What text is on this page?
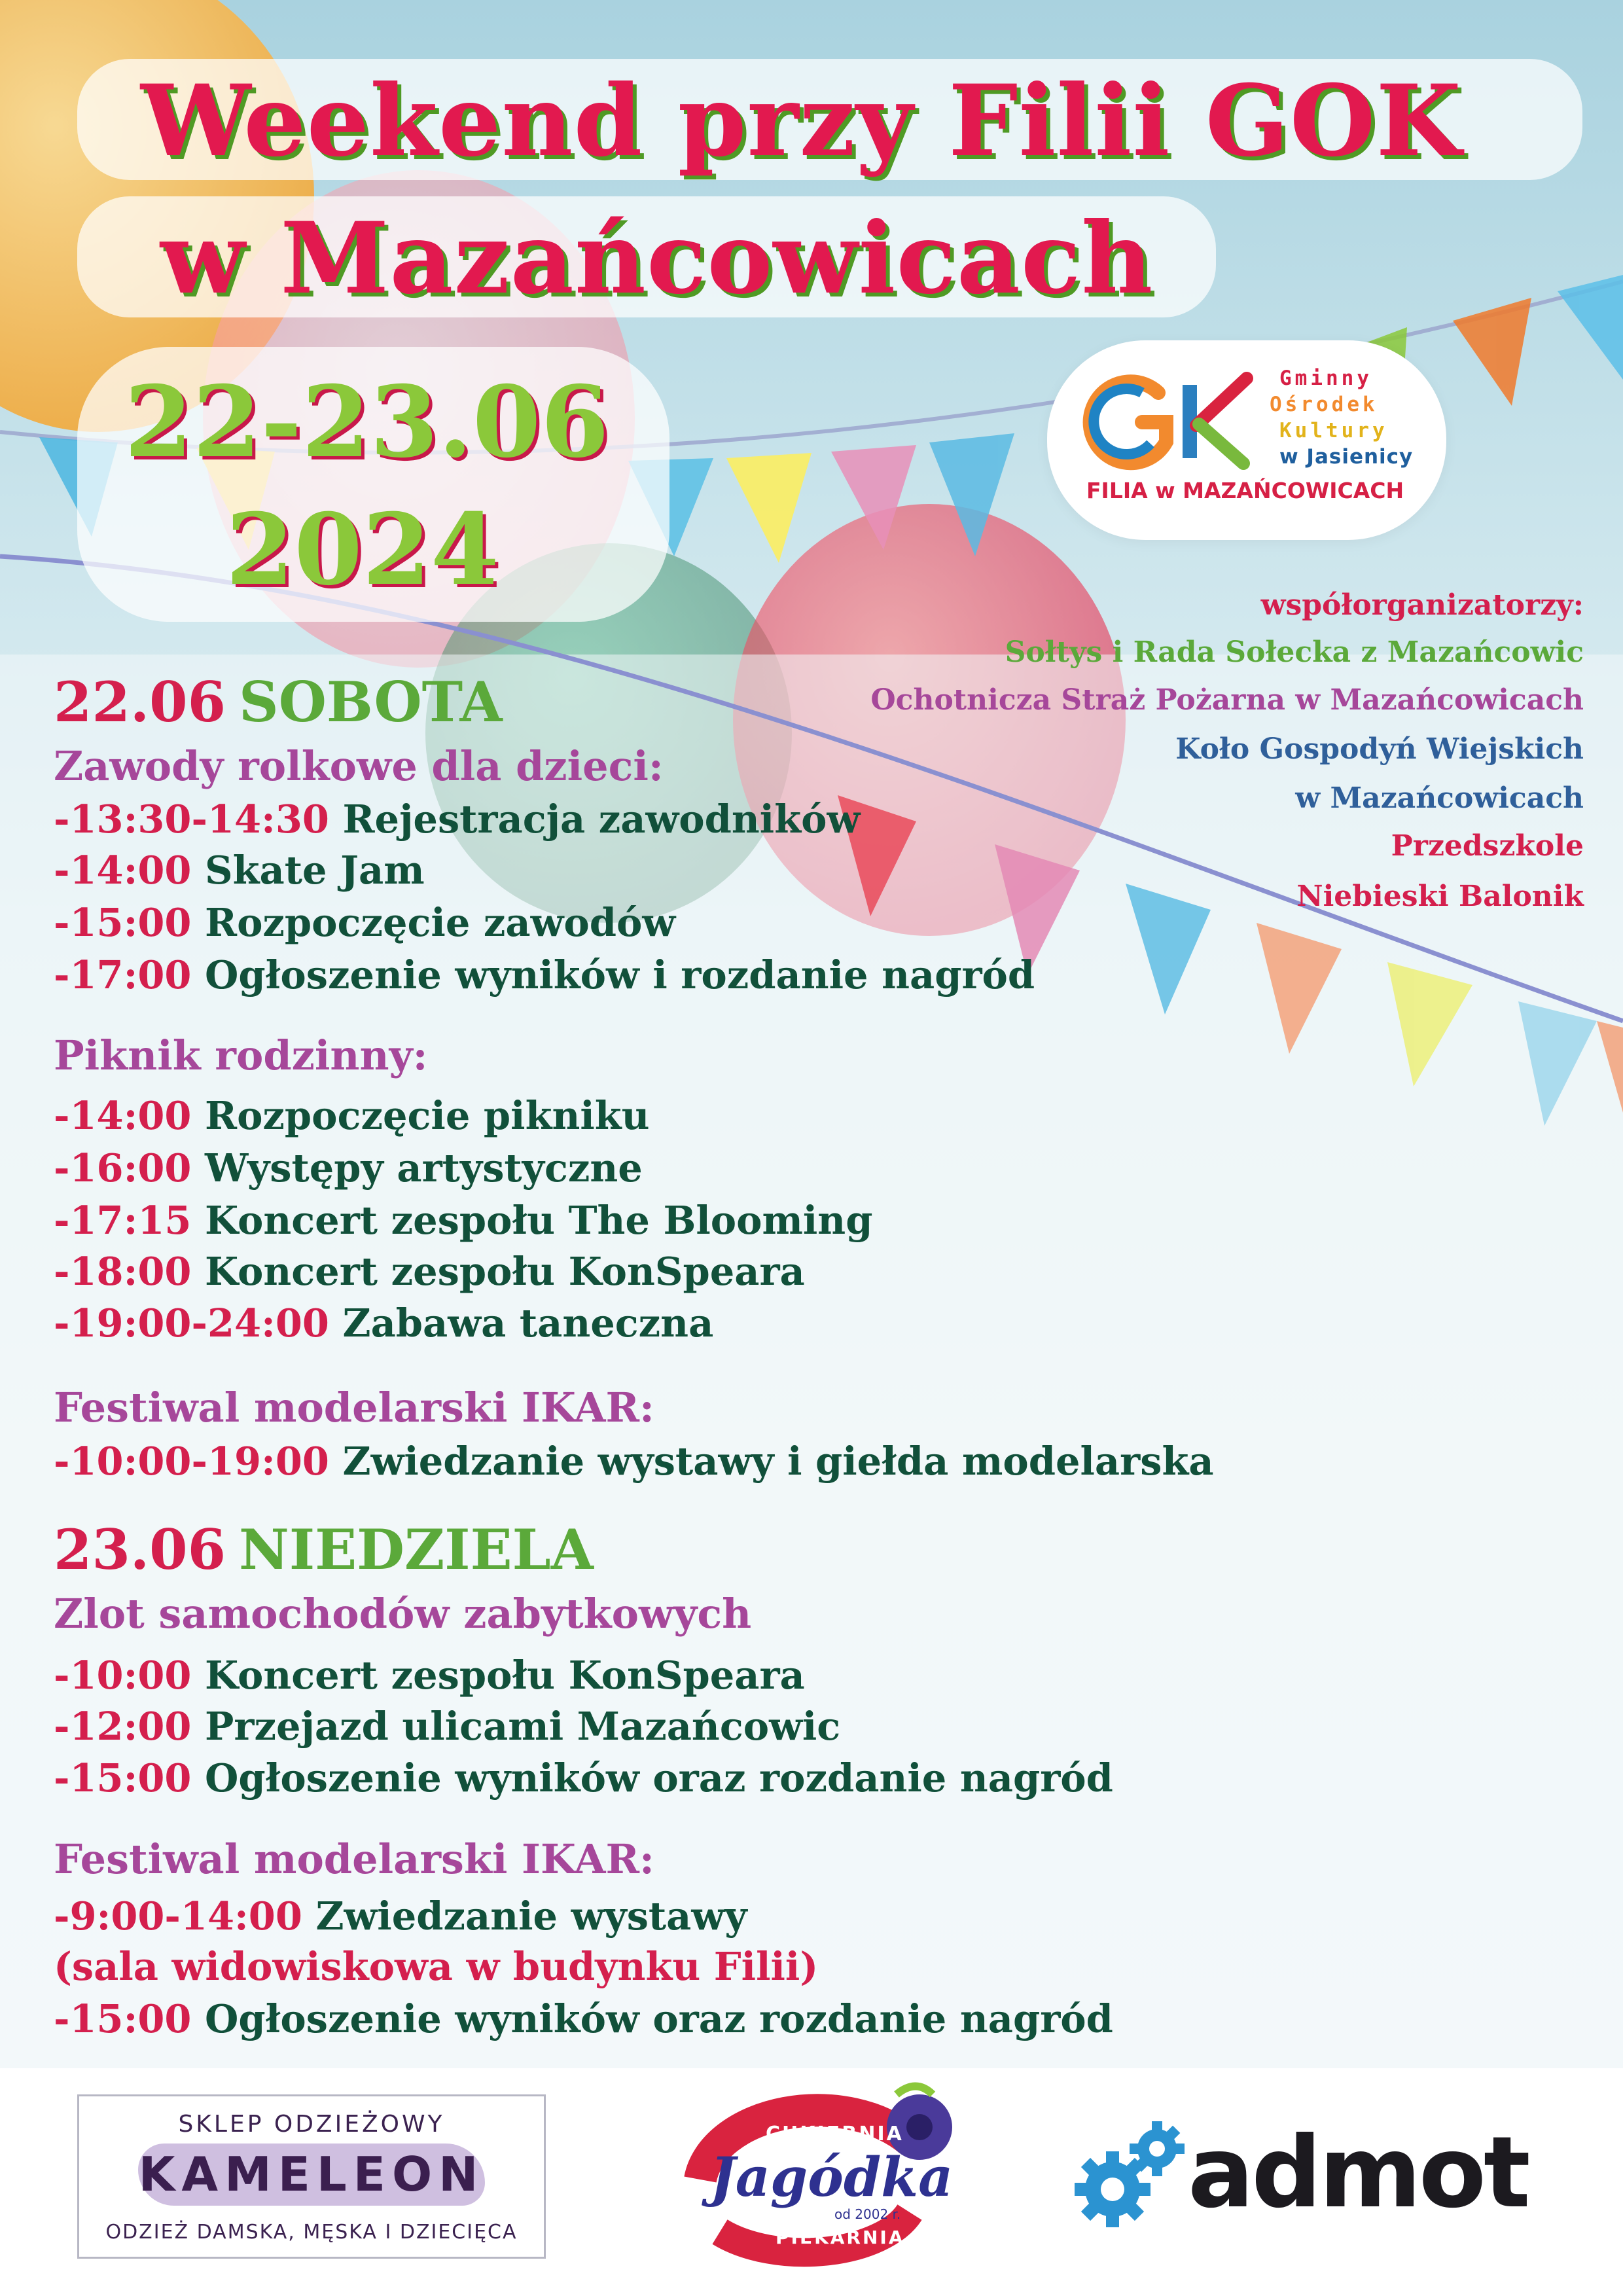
Weekend przy Filii GOK
w Mazańcowicach
22-23.06
2024
Gminny
Ośrodek
Kultury
w Jasienicy
FILIA w MAZAŃCOWICACH
współorganizatorzy:
Sołtys i Rada Sołecka z Mazańcowic
Ochotnicza Straż Pożarna w Mazańcowicach
Koło Gospodyń Wiejskich
w Mazańcowicach
Przedszkole
Niebieski Balonik
22.06 SOBOTA
Zawody rolkowe dla dzieci:
-13:30-14:30 Rejestracja zawodników
-14:00 Skate Jam
-15:00 Rozpoczęcie zawodów
-17:00 Ogłoszenie wyników i rozdanie nagród
Piknik rodzinny:
-14:00 Rozpoczęcie pikniku
-16:00 Występy artystyczne
-17:15 Koncert zespołu The Blooming
-18:00 Koncert zespołu KonSpeara
-19:00-24:00 Zabawa taneczna
Festiwal modelarski IKAR:
-10:00-19:00 Zwiedzanie wystawy i giełda modelarska
23.06 NIEDZIELA
Zlot samochodów zabytkowych
-10:00 Koncert zespołu KonSpeara
-12:00 Przejazd ulicami Mazańcowic
-15:00 Ogłoszenie wyników oraz rozdanie nagród
Festiwal modelarski IKAR:
-9:00-14:00 Zwiedzanie wystawy
(sala widowiskowa w budynku Filii)
-15:00 Ogłoszenie wyników oraz rozdanie nagród
SKLEP ODZIEŻOWY
KAMELEON
ODZIEŻ DAMSKA, MĘSKA I DZIECIĘCA
CUKIERNIA
Jagódka
od 2002 r.
PIEKARNIA
admot
